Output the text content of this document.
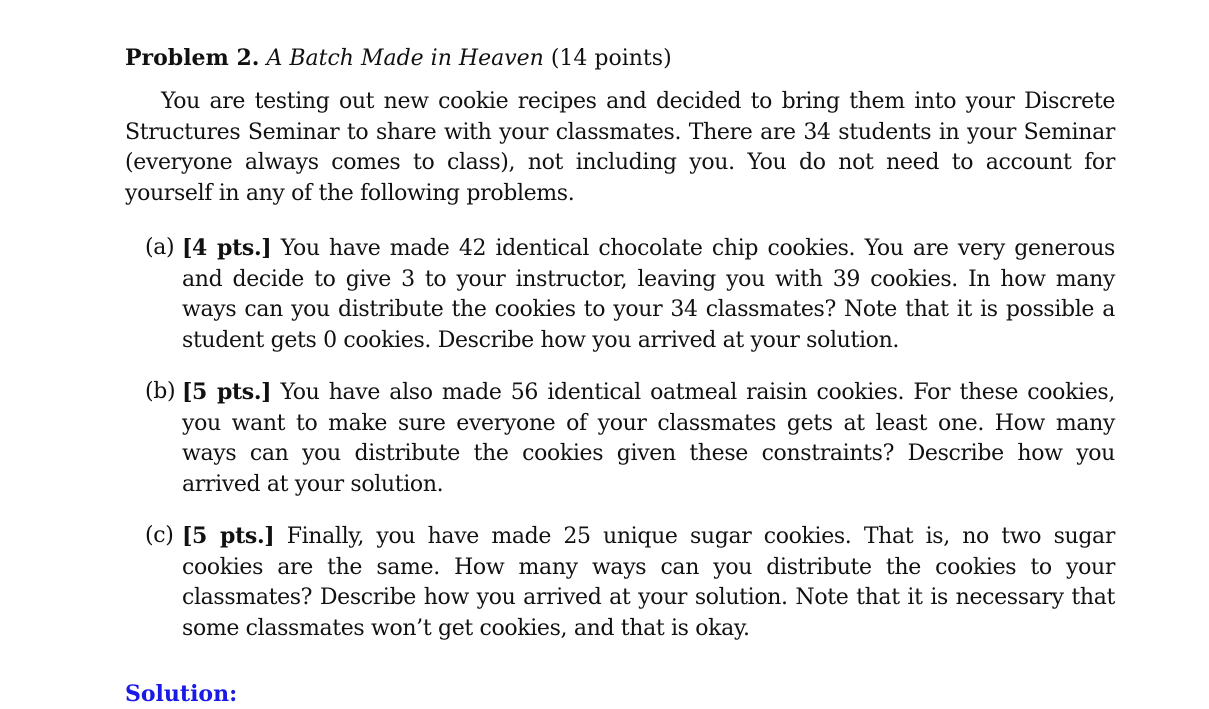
Problem 2. A Batch Made in Heaven (14 points)

You are testing out new cookie recipes and decided to bring them into your Discrete Structures Seminar to share with your classmates. There are 34 students in your Seminar (everyone always comes to class), not including you. You do not need to account for yourself in any of the following problems.

(a) [4 pts.] You have made 42 identical chocolate chip cookies. You are very generous and decide to give 3 to your instructor, leaving you with 39 cookies. In how many ways can you distribute the cookies to your 34 classmates? Note that it is possible a student gets 0 cookies. Describe how you arrived at your solution.
(b) [5 pts.] You have also made 56 identical oatmeal raisin cookies. For these cookies, you want to make sure everyone of your classmates gets at least one. How many ways can you distribute the cookies given these constraints? Describe how you arrived at your solution.
(c) [5 pts.] Finally, you have made 25 unique sugar cookies. That is, no two sugar cookies are the same. How many ways can you distribute the cookies to your classmates? Describe how you arrived at your solution. Note that it is necessary that some classmates won’t get cookies, and that is okay.
Solution:
